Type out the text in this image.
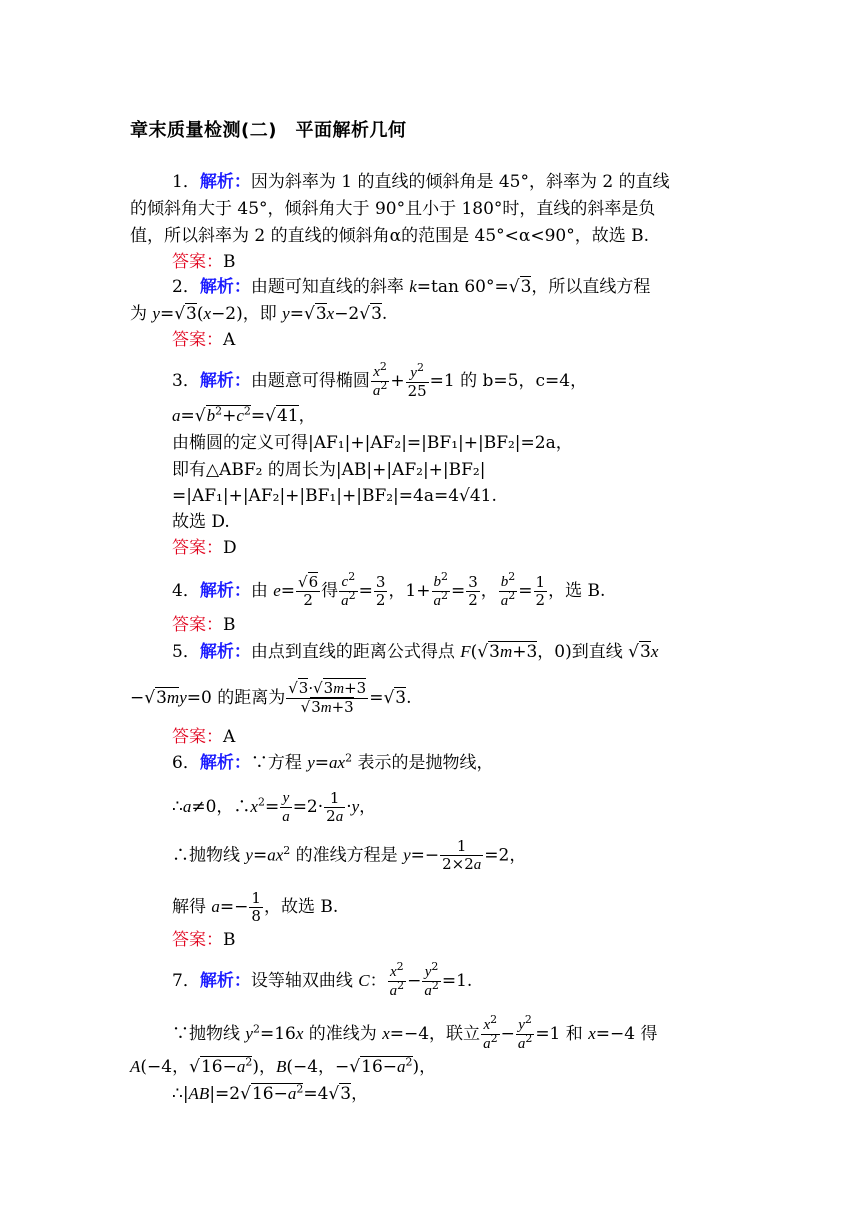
章末质量检测(二)　平面解析几何
1．解析：因为斜率为 1 的直线的倾斜角是 45°，斜率为 2 的直线
的倾斜角大于 45°，倾斜角大于 90°且小于 180°时，直线的斜率是负
值，所以斜率为 2 的直线的倾斜角α的范围是 45°<α<90°，故选 B.
答案：B
2．解析：由题可知直线的斜率 k=tan 60°=√ 3，所以直线方程
为 y=√ 3(x−2)，即 y=√ 3x−2√ 3.
答案：A
3．解析：由题意可得椭圆 $\frac{x^2}{a^2} + \frac{y^2}{25} =1$ 的 b=5，c=4，
a=√ $b^2+c^2=√$ 41，
由椭圆的定义可得|AF₁|+|AF₂|=|BF₁|+|BF₂|=2a，
即有△ABF₂ 的周长为|AB|+|AF₂|+|BF₂|
=|AF₁|+|AF₂|+|BF₁|+|BF₂|=4a=4√41.
故选 D.
答案：D
4．解析：由 e=
√ $\frac{6}{2}$ 得 $\frac{c^2}{a^2} = \frac{3}{2}$ ，$1+ \frac{b^2}{a^2} = \frac{3}{2}$ ， $\frac{b^2}{a^2} = \frac{1}{2}$ ，选 B.
答案：B
5．解析：由点到直线的距离公式得点 F(√ 3m+3，0)到直线 √ 3x
−√ 3my=0 的距离为
√ 3·√ 3m+3
√ 3m+3 =√ 3.
答案：A
6．解析：∵方程 $y=ax^2$ 表示的是抛物线，
∴a≠0，$\therefore x^2= \frac{y}{a} =2\cdot \frac{1}{2a} \cdot y$，
∴抛物线 $y=ax^2$ 的准线方程是 $y=- \frac{1}{2\times 2a} =2$，
解得 $a=- \frac{1}{8}$ ，故选 B.
答案：B
7．解析：设等轴双曲线 C： $\frac{x^2}{a^2} - \frac{y^2}{a^2} =1$.
∵抛物线 $y^2=16x$ 的准线为 x=−4，联立 $\frac{x^2}{a^2} - \frac{y^2}{a^2} =1$ 和 x=−4 得
A(−4，√ $16-a^2$)，B(−4，−√ $16-a^2$)，
∴|AB|=2√ $16-a^2=4√$ 3，
